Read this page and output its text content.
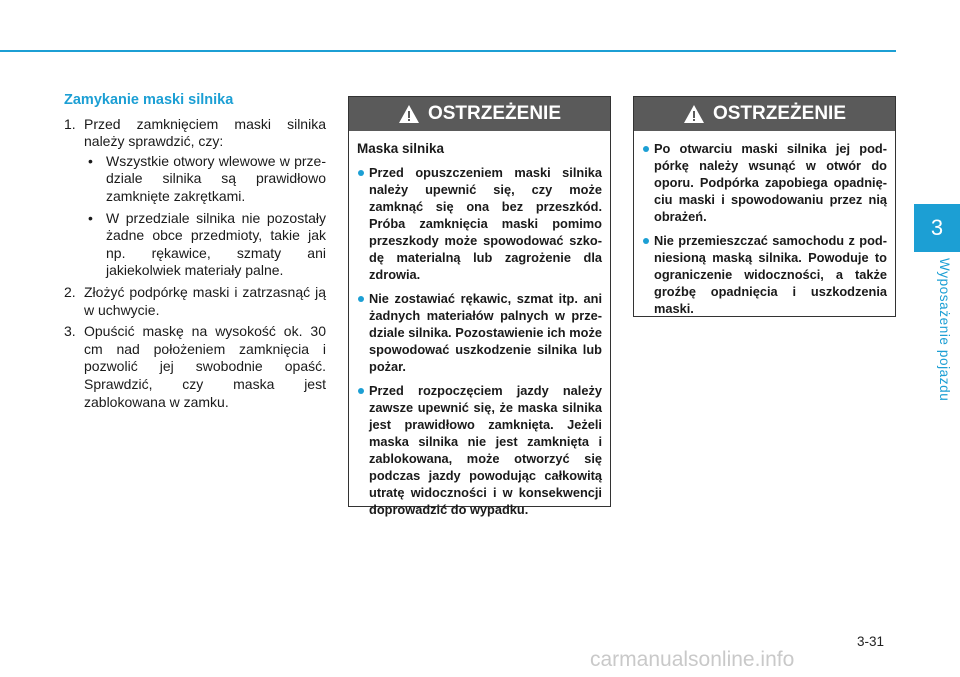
3
Wyposażenie pojazdu
Zamykanie maski silnika
1. Przed zamknięciem maski silnika należy sprawdzić, czy:
• Wszystkie otwory wlewowe w przedziale silnika są prawidłowo zamknięte zakrętkami.
• W przedziale silnika nie pozostały żadne obce przedmioty, takie jak np. rękawice, szmaty ani jakiekolwiek materiały palne.
2. Złożyć podpórkę maski i zatrzasnąć ją w uchwycie.
3. Opuścić maskę na wysokość ok. 30 cm nad położeniem zamknięcia i pozwolić jej swobodnie opaść. Sprawdzić, czy maska jest zablokowana w zamku.
OSTRZEŻENIE
Maska silnika
Przed opuszczeniem maski silnika należy upewnić się, czy może zamknąć się ona bez przeszkód. Próba zamknięcia maski pomimo przeszkody może spowodować szkodę materialną lub zagrożenie dla zdrowia.
Nie zostawiać rękawic, szmat itp. ani żadnych materiałów palnych w przedziale silnika. Pozostawienie ich może spowodować uszkodzenie silnika lub pożar.
Przed rozpoczęciem jazdy należy zawsze upewnić się, że maska silnika jest prawidłowo zamknięta. Jeżeli maska silnika nie jest zamknięta i zablokowana, może otworzyć się podczas jazdy powodując całkowitą utratę widoczności i w konsekwencji doprowadzić do wypadku.
OSTRZEŻENIE
Po otwarciu maski silnika jej podpórkę należy wsunąć w otwór do oporu. Podpórka zapobiega opadnięciu maski i spowodowaniu przez nią obrażeń.
Nie przemieszczać samochodu z podniesioną maską silnika. Powoduje to ograniczenie widoczności, a także groźbę opadnięcia i uszkodzenia maski.
3-31
carmanualsonline.info
